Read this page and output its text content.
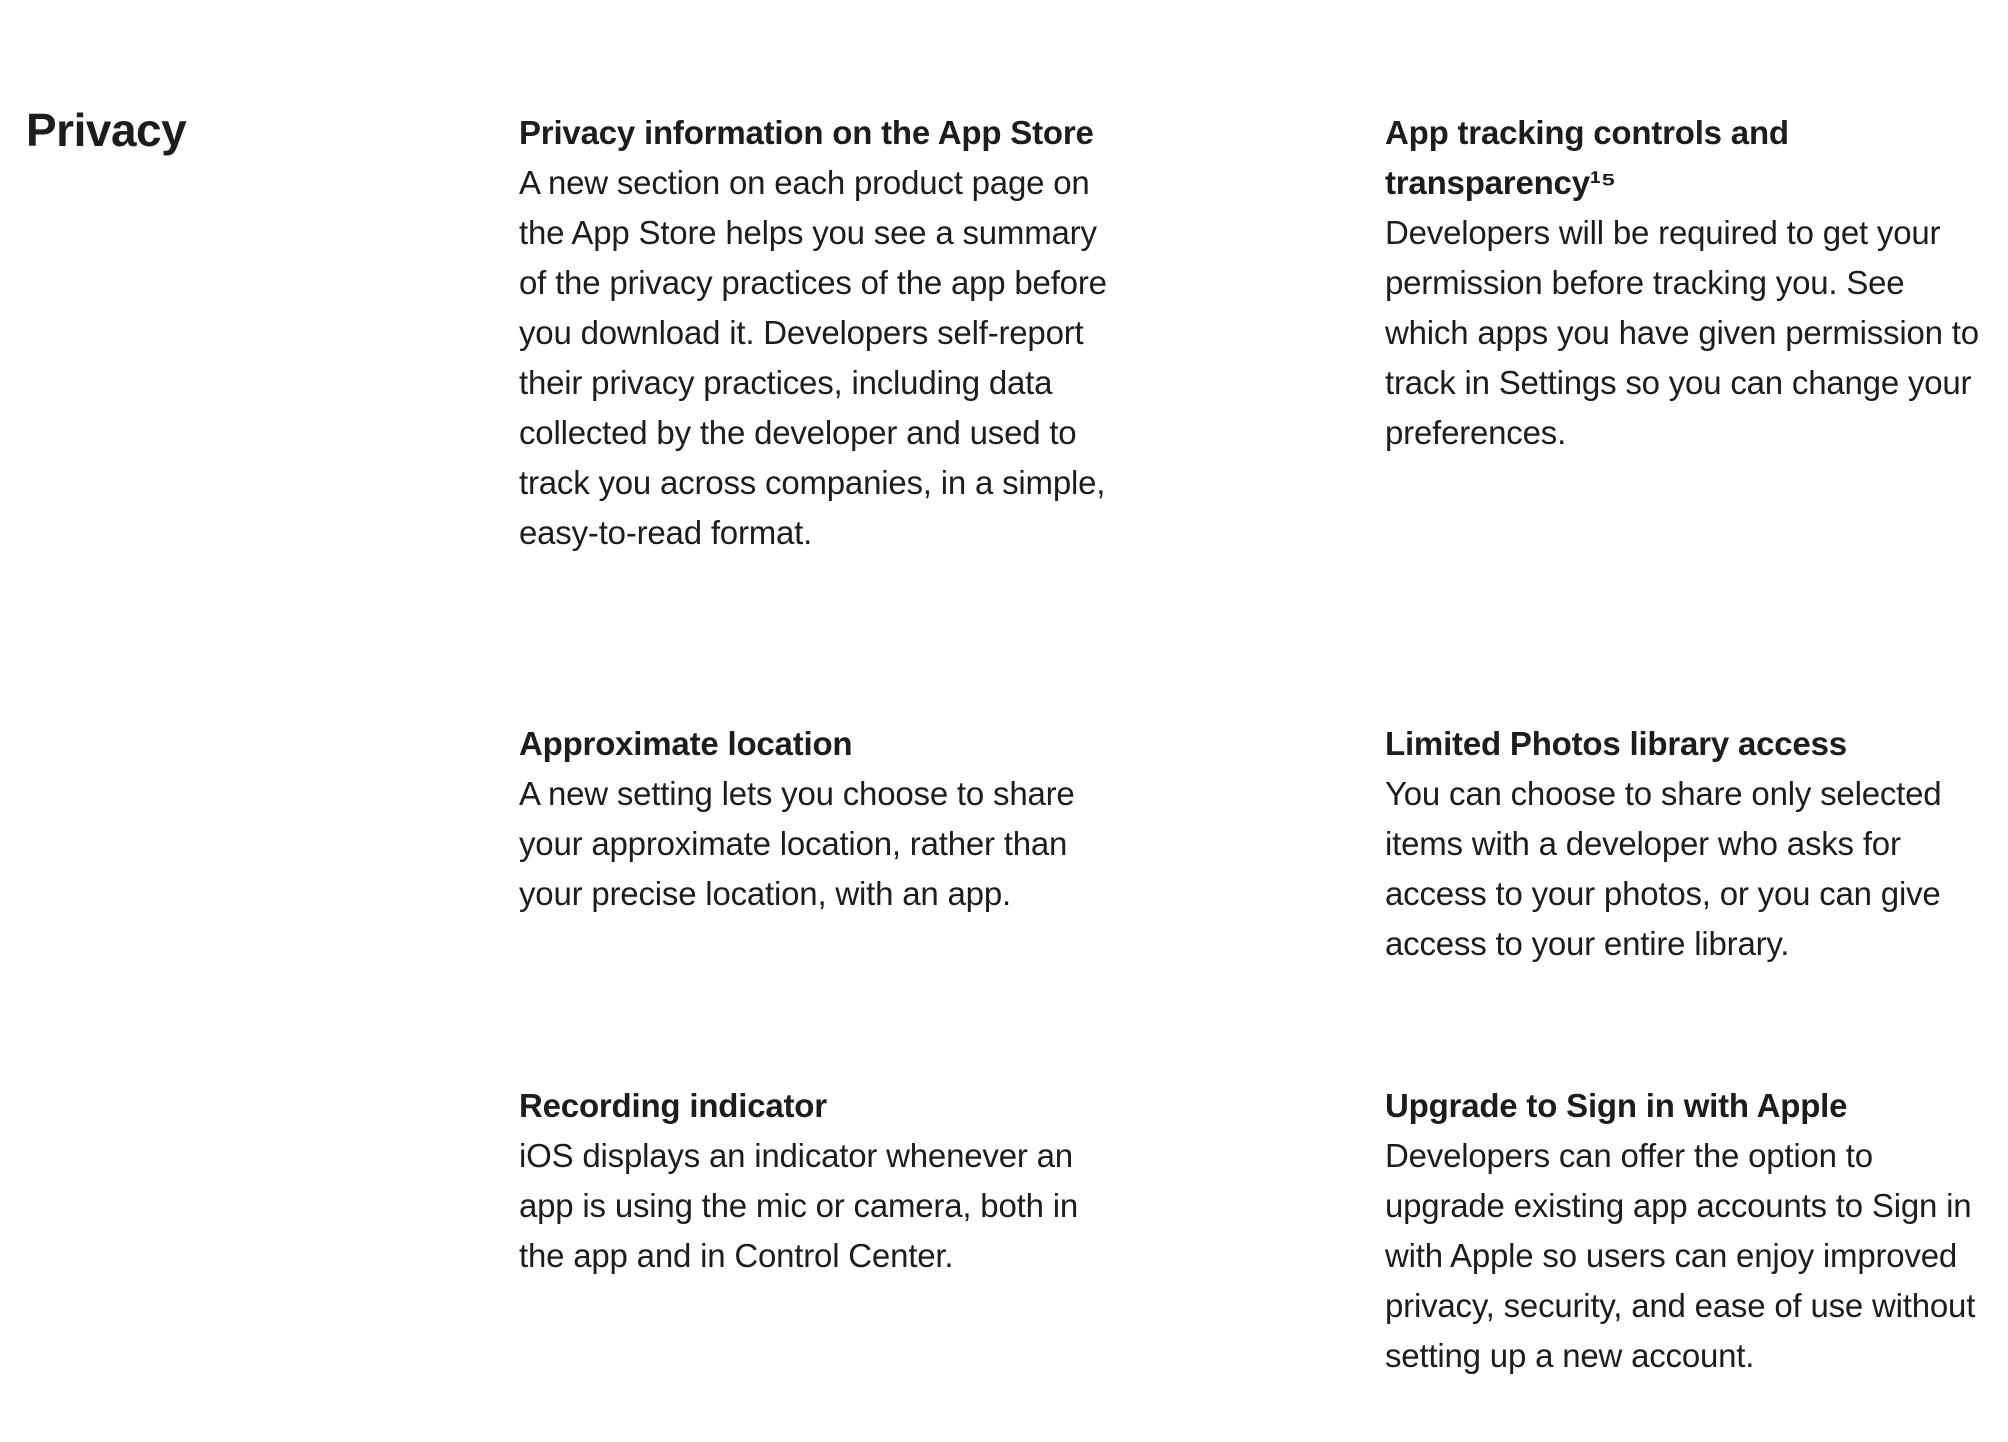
Privacy	Privacy information on the App Store

A new section on each product page on the App Store helps you see a summary of the privacy practices of the app before you download it. Developers self-report their privacy practices, including data collected by the developer and used to track you across companies, in a simple, easy-to-read format.

App tracking controls and transparency¹⁵

Developers will be required to get your permission before tracking you. See which apps you have given permission to track in Settings so you can change your preferences.

Approximate location

A new setting lets you choose to share your approximate location, rather than your precise location, with an app.

Limited Photos library access

You can choose to share only selected items with a developer who asks for access to your photos, or you can give access to your entire library.

Recording indicator

iOS displays an indicator whenever an app is using the mic or camera, both in the app and in Control Center.

Upgrade to Sign in with Apple

Developers can offer the option to upgrade existing app accounts to Sign in with Apple so users can enjoy improved privacy, security, and ease of use without setting up a new account.
